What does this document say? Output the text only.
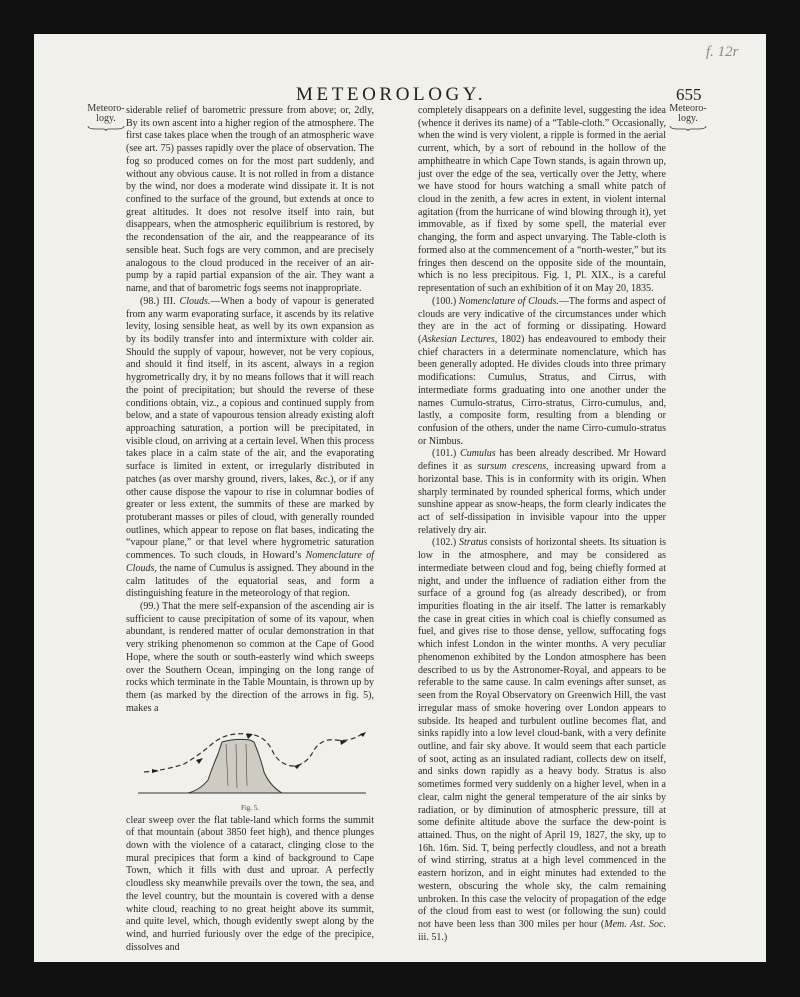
f. 12r
METEOROLOGY.	655
Meteoro-
logy.
Meteoro-
logy.

siderable relief of barometric pressure from above; or, 2dly, By its own ascent into a higher region of the atmosphere. The first case takes place when the trough of an atmospheric wave (see art. 75) passes rapidly over the place of observation. The fog so produced comes on for the most part suddenly, and without any obvious cause. It is not rolled in from a distance by the wind, nor does a moderate wind dissipate it. It is not confined to the surface of the ground, but extends at once to great altitudes. It does not resolve itself into rain, but disappears, when the atmospheric equilibrium is restored, by the recondensation of the air, and the reappearance of its sensible heat. Such fogs are very common, and are precisely analogous to the cloud produced in the receiver of an air-pump by a rapid partial expansion of the air. They want a name, and that of barometric fogs seems not inappropriate.

(98.) III. Clouds.—When a body of vapour is generated from any warm evaporating surface, it ascends by its relative levity, losing sensible heat, as well by its own expansion as by its bodily transfer into and intermixture with colder air. Should the supply of vapour, however, not be very copious, and should it find itself, in its ascent, always in a region hygrometrically dry, it by no means follows that it will reach the point of precipitation; but should the reverse of these conditions obtain, viz., a copious and continued supply from below, and a state of vapourous tension already existing aloft approaching saturation, a portion will be precipitated, in visible cloud, on arriving at a certain level. When this process takes place in a calm state of the air, and the evaporating surface is limited in extent, or irregularly distributed in patches (as over marshy ground, rivers, lakes, &c.), or if any other cause dispose the vapour to rise in columnar bodies of greater or less extent, the summits of these are marked by protuberant masses or piles of cloud, with generally rounded outlines, which appear to repose on flat bases, indicating the “vapour plane,” or that level where hygrometric saturation commences. To such clouds, in Howard’s Nomenclature of Clouds, the name of Cumulus is assigned. They abound in the calm latitudes of the equatorial seas, and form a distinguishing feature in the meteorology of that region.

(99.) That the mere self-expansion of the ascending air is sufficient to cause precipitation of some of its vapour, when abundant, is rendered matter of ocular demonstration in that very striking phenomenon so common at the Cape of Good Hope, where the south or south-easterly wind which sweeps over the Southern Ocean, impinging on the long range of rocks which terminate in the Table Mountain, is thrown up by them (as marked by the direction of the arrows in fig. 5), makes a

Fig. 5.

clear sweep over the flat table-land which forms the summit of that mountain (about 3850 feet high), and thence plunges down with the violence of a cataract, clinging close to the mural precipices that form a kind of background to Cape Town, which it fills with dust and uproar. A perfectly cloudless sky meanwhile prevails over the town, the sea, and the level country, but the mountain is covered with a dense white cloud, reaching to no great height above its summit, and quite level, which, though evidently swept along by the wind, and hurried furiously over the edge of the precipice, dissolves and

completely disappears on a definite level, suggesting the idea (whence it derives its name) of a “Table-cloth.” Occasionally, when the wind is very violent, a ripple is formed in the aerial current, which, by a sort of rebound in the hollow of the amphitheatre in which Cape Town stands, is again thrown up, just over the edge of the sea, vertically over the Jetty, where we have stood for hours watching a small white patch of cloud in the zenith, a few acres in extent, in violent internal agitation (from the hurricane of wind blowing through it), yet immovable, as if fixed by some spell, the material ever changing, the form and aspect unvarying. The Table-cloth is formed also at the commencement of a “north-wester,” but its fringes then descend on the opposite side of the mountain, which is no less precipitous. Fig. 1, Pl. XIX., is a careful representation of such an exhibition of it on May 20, 1835.

(100.) Nomenclature of Clouds.—The forms and aspect of clouds are very indicative of the circumstances under which they are in the act of forming or dissipating. Howard (Askesian Lectures, 1802) has endeavoured to embody their chief characters in a determinate nomenclature, which has been generally adopted. He divides clouds into three primary modifications: Cumulus, Stratus, and Cirrus, with intermediate forms graduating into one another under the names Cumulo-stratus, Cirro-stratus, Cirro-cumulus, and, lastly, a composite form, resulting from a blending or confusion of the others, under the name Cirro-cumulo-stratus or Nimbus.

(101.) Cumulus has been already described. Mr Howard defines it as sursum crescens, increasing upward from a horizontal base. This is in conformity with its origin. When sharply terminated by rounded spherical forms, which under sunshine appear as snow-heaps, the form clearly indicates the act of self-dissipation in invisible vapour into the upper relatively dry air.

(102.) Stratus consists of horizontal sheets. Its situation is low in the atmosphere, and may be considered as intermediate between cloud and fog, being chiefly formed at night, and under the influence of radiation either from the surface of a ground fog (as already described), or from impurities floating in the air itself. The latter is remarkably the case in great cities in which coal is chiefly consumed as fuel, and gives rise to those dense, yellow, suffocating fogs which infest London in the winter months. A very peculiar phenomenon exhibited by the London atmosphere has been described to us by the Astronomer-Royal, and appears to be referable to the same cause. In calm evenings after sunset, as seen from the Royal Observatory on Greenwich Hill, the vast irregular mass of smoke hovering over London appears to subside. Its heaped and turbulent outline becomes flat, and sinks rapidly into a low level cloud-bank, with a very definite outline, and fair sky above. It would seem that each particle of soot, acting as an insulated radiant, collects dew on itself, and sinks down rapidly as a heavy body. Stratus is also sometimes formed very suddenly on a higher level, when in a clear, calm night the general temperature of the air sinks by radiation, or by diminution of atmospheric pressure, till at some definite altitude above the surface the dew-point is attained. Thus, on the night of April 19, 1827, the sky, up to 16h. 16m. Sid. T, being perfectly cloudless, and not a breath of wind stirring, stratus at a high level commenced in the eastern horizon, and in eight minutes had extended to the western, obscuring the whole sky, the calm remaining unbroken. In this case the velocity of propagation of the edge of the cloud from east to west (or following the sun) could not have been less than 300 miles per hour (Mem. Ast. Soc. iii. 51.)
